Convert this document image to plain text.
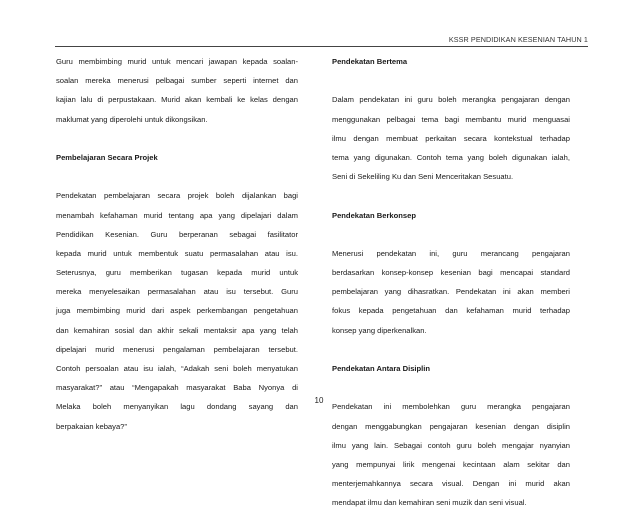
KSSR PENDIDIKAN KESENIAN TAHUN 1
Guru membimbing murid untuk mencari jawapan kepada soalan-
soalan mereka menerusi pelbagai sumber seperti internet dan
kajian lalu di perpustakaan. Murid akan kembali ke kelas dengan
maklumat yang diperolehi untuk dikongsikan.
Pembelajaran Secara Projek
Pendekatan pembelajaran secara projek boleh dijalankan bagi
menambah kefahaman murid tentang apa yang dipelajari dalam
Pendidikan Kesenian. Guru berperanan sebagai fasilitator
kepada murid untuk membentuk suatu permasalahan atau isu.
Seterusnya, guru memberikan tugasan kepada murid untuk
mereka menyelesaikan permasalahan atau isu tersebut. Guru
juga membimbing murid dari aspek perkembangan pengetahuan
dan kemahiran sosial dan akhir sekali mentaksir apa yang telah
dipelajari murid menerusi pengalaman pembelajaran tersebut.
Contoh persoalan atau isu ialah, “Adakah seni boleh menyatukan
masyarakat?” atau “Mengapakah masyarakat Baba Nyonya di
Melaka boleh menyanyikan lagu dondang sayang dan
berpakaian kebaya?”
Pendekatan Bertema
Dalam pendekatan ini guru boleh merangka pengajaran dengan
menggunakan pelbagai tema bagi membantu murid menguasai
ilmu dengan membuat perkaitan secara kontekstual terhadap
tema yang digunakan. Contoh tema yang boleh digunakan ialah,
Seni di Sekeliling Ku dan Seni Menceritakan Sesuatu.
Pendekatan Berkonsep
Menerusi pendekatan ini, guru merancang pengajaran
berdasarkan konsep-konsep kesenian bagi mencapai standard
pembelajaran yang dihasratkan. Pendekatan ini akan memberi
fokus kepada pengetahuan dan kefahaman murid terhadap
konsep yang diperkenalkan.
Pendekatan Antara Disiplin
Pendekatan ini membolehkan guru merangka pengajaran
dengan menggabungkan pengajaran kesenian dengan disiplin
ilmu yang lain. Sebagai contoh guru boleh mengajar nyanyian
yang mempunyai lirik mengenai kecintaan alam sekitar dan
menterjemahkannya secara visual. Dengan ini murid akan
mendapat ilmu dan kemahiran seni muzik dan seni visual.
10
